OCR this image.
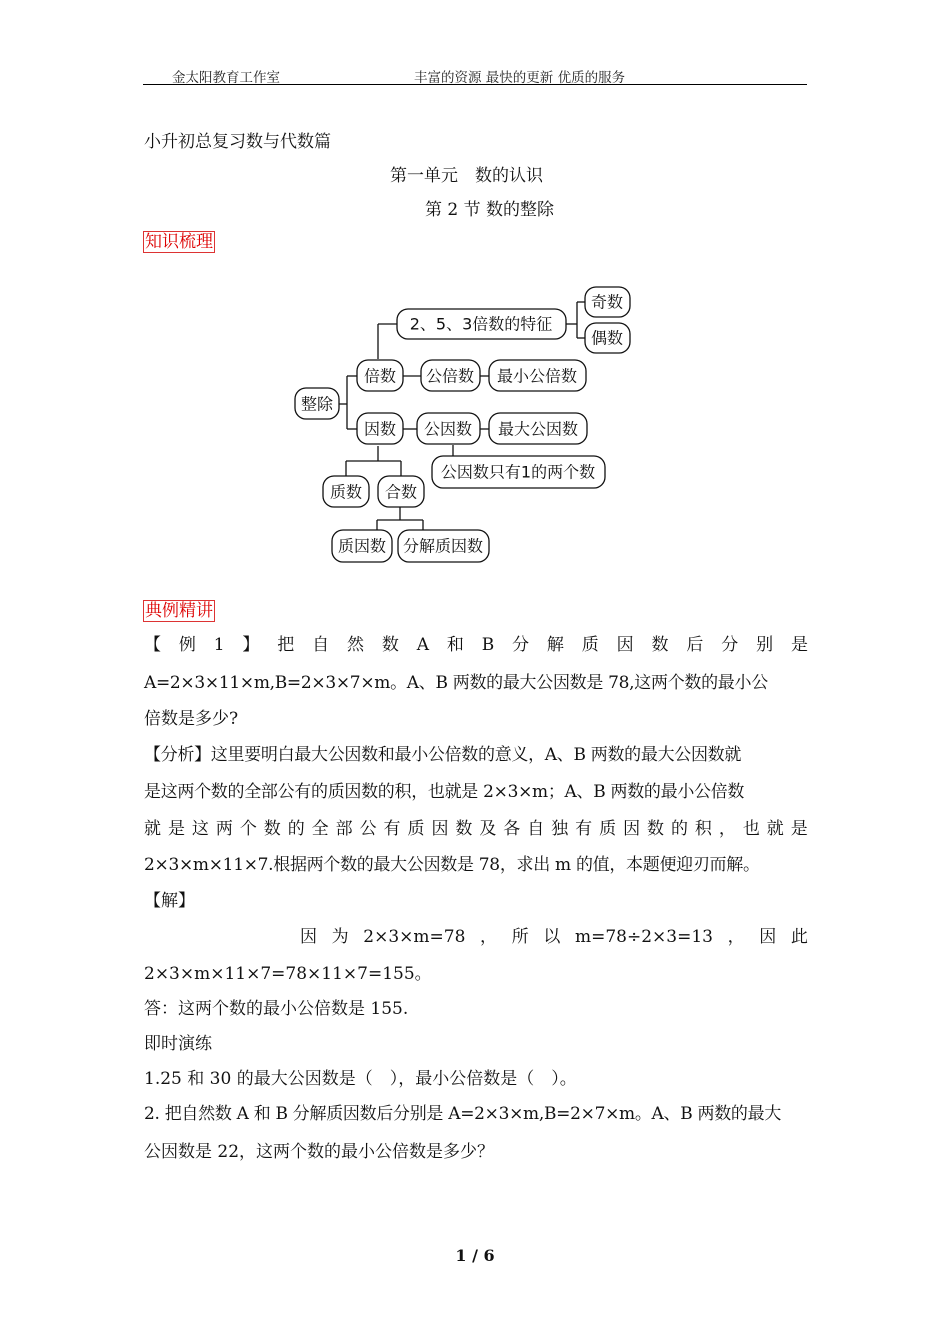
金太阳教育工作室	丰富的资源 最快的更新 优质的服务
小升初总复习数与代数篇
第一单元　数的认识
第 2 节 数的整除
知识梳理
整除
2、5、3倍数的特征
奇数
偶数
倍数 公倍数 最小公倍数
因数 公因数 最大公因数
公因数只有1的两个数
质数 合数
质因数 分解质因数
典例精讲
【 例 1 】 把 自 然 数 A 和 B 分 解 质 因 数 后 分 别 是
A=2×3×11×m,B=2×3×7×m。A、B 两数的最大公因数是 78,这两个数的最小公
倍数是多少?
【分析】这里要明白最大公因数和最小公倍数的意义，A、B 两数的最大公因数就
是这两个数的全部公有的质因数的积，也就是 2×3×m；A、B 两数的最小公倍数
就 是 这 两 个 数 的 全 部 公 有 质 因 数 及 各 自 独 有 质 因 数 的 积 ， 也 就 是
2×3×m×11×7.根据两个数的最大公因数是 78，求出 m 的值，本题便迎刃而解。
【解】
因 为 2×3×m=78 ， 所 以 m=78÷2×3=13 ， 因 此
2×3×m×11×7=78×11×7=155。
答：这两个数的最小公倍数是 155.
即时演练
1.25 和 30 的最大公因数是（　），最小公倍数是（　）。
2. 把自然数 A 和 B 分解质因数后分别是 A=2×3×m,B=2×7×m。A、B 两数的最大
公因数是 22，这两个数的最小公倍数是多少？
1 / 6
